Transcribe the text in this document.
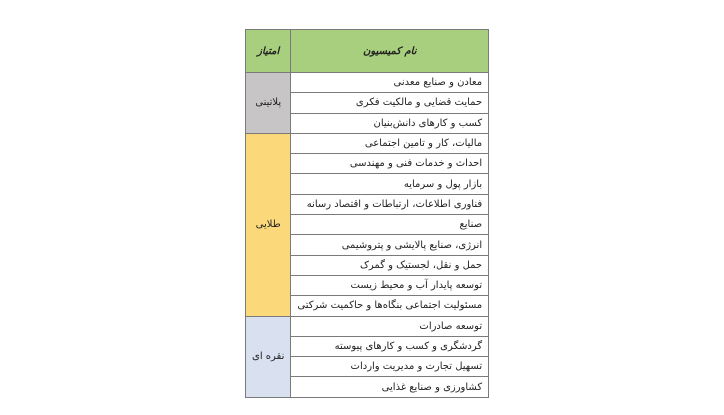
نام کمیسیون	امتیاز
معادن و صنایع معدنی	پلاتینی
حمایت قضایی و مالکیت فکری	
کسب و کارهای دانش‌بنیان	
مالیات، کار و تامین اجتماعی	طلایی
احداث و خدمات فنی و مهندسی	
بازار پول و سرمایه	
فناوری اطلاعات، ارتباطات و اقتصاد رسانه	
صنایع	
انرژی، صنایع پالایشی و پتروشیمی	
حمل و نقل، لجستیک و گمرک	
توسعه پایدار آب و محیط زیست	
مسئولیت اجتماعی بنگاه‌ها و حاکمیت شرکتی	
توسعه صادرات	نقره ای
گردشگری و کسب و کارهای پیوسته	
تسهیل تجارت و مدیریت واردات	
کشاورزی و صنایع غذایی	
